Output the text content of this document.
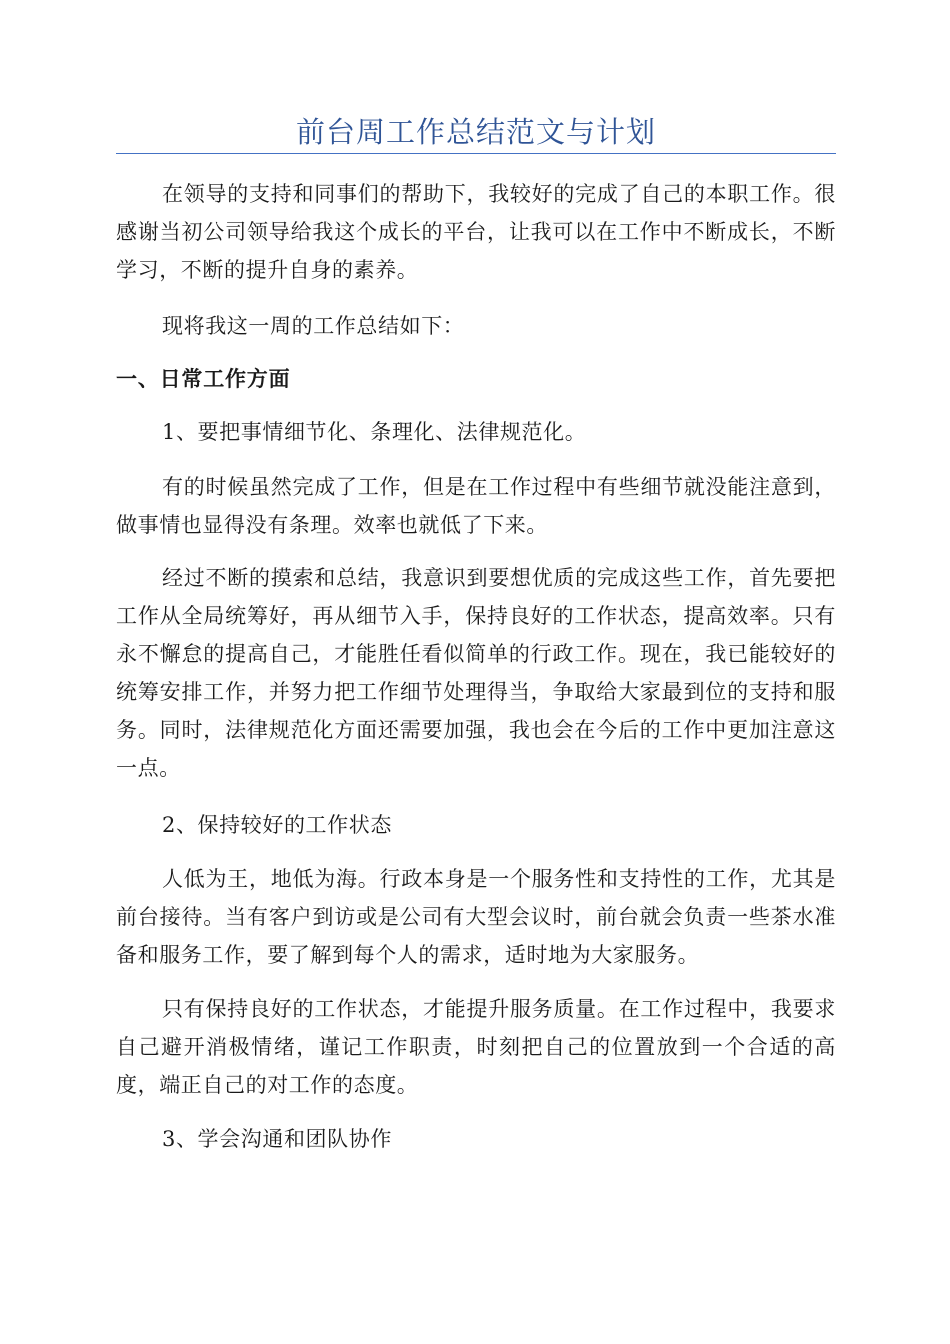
前台周工作总结范文与计划

在领导的支持和同事们的帮助下，我较好的完成了自己的本职工作。很感谢当初公司领导给我这个成长的平台，让我可以在工作中不断成长，不断学习，不断的提升自身的素养。

现将我这一周的工作总结如下：

一、日常工作方面

1、要把事情细节化、条理化、法律规范化。

有的时候虽然完成了工作，但是在工作过程中有些细节就没能注意到，做事情也显得没有条理。效率也就低了下来。

经过不断的摸索和总结，我意识到要想优质的完成这些工作，首先要把工作从全局统筹好，再从细节入手，保持良好的工作状态，提高效率。只有永不懈怠的提高自己，才能胜任看似简单的行政工作。现在，我已能较好的统筹安排工作，并努力把工作细节处理得当，争取给大家最到位的支持和服务。同时，法律规范化方面还需要加强，我也会在今后的工作中更加注意这一点。

2、保持较好的工作状态

人低为王，地低为海。行政本身是一个服务性和支持性的工作，尤其是前台接待。当有客户到访或是公司有大型会议时，前台就会负责一些茶水准备和服务工作，要了解到每个人的需求，适时地为大家服务。

只有保持良好的工作状态，才能提升服务质量。在工作过程中，我要求自己避开消极情绪，谨记工作职责，时刻把自己的位置放到一个合适的高度，端正自己的对工作的态度。

3、学会沟通和团队协作
